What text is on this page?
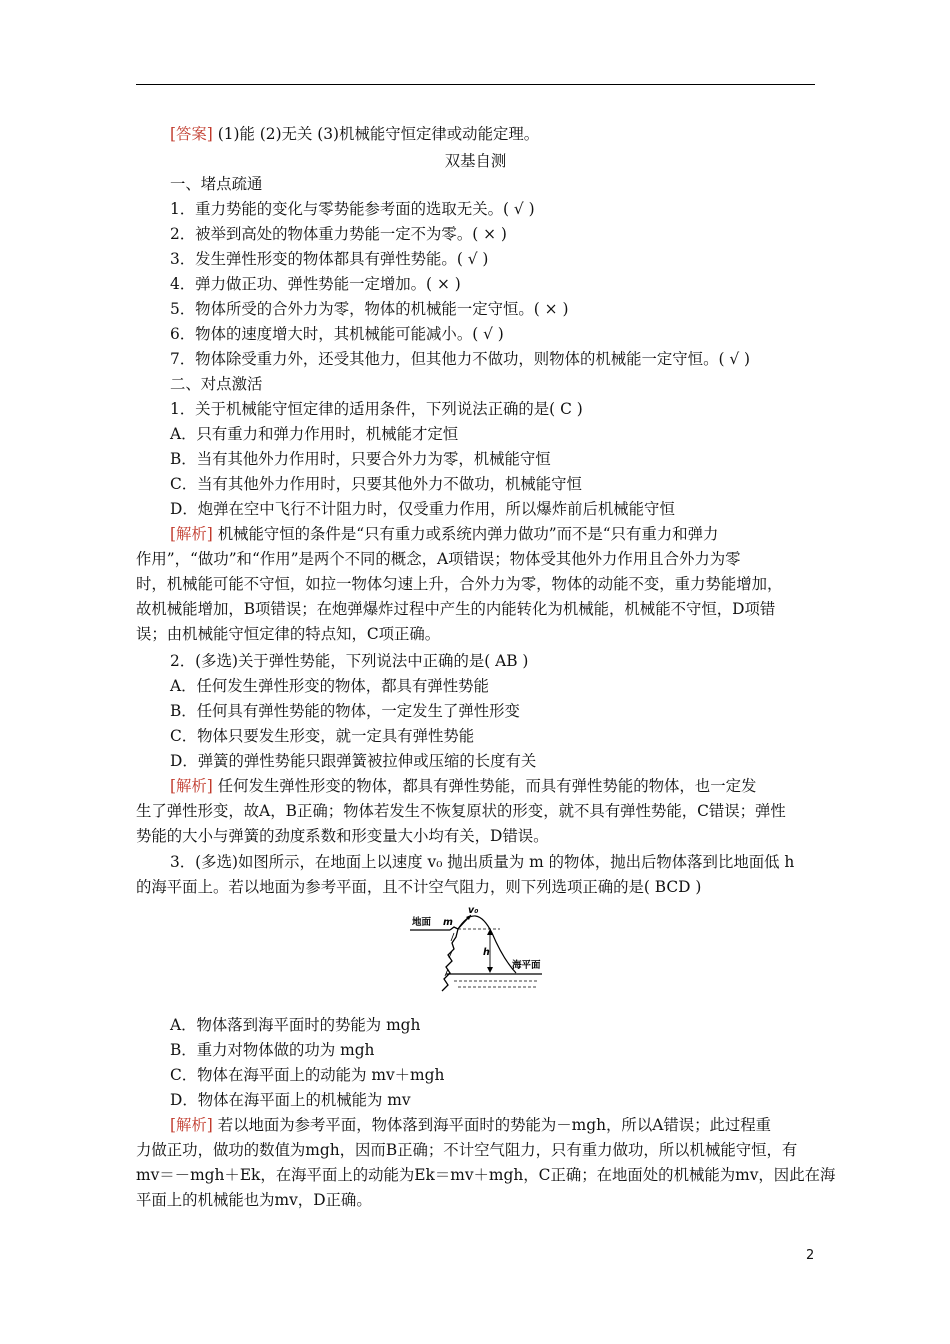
[答案] (1)能 (2)无关 (3)机械能守恒定律或动能定理。
双基自测
一、堵点疏通
1．重力势能的变化与零势能参考面的选取无关。( √ )
2．被举到高处的物体重力势能一定不为零。( × )
3．发生弹性形变的物体都具有弹性势能。( √ )
4．弹力做正功、弹性势能一定增加。( × )
5．物体所受的合外力为零，物体的机械能一定守恒。( × )
6．物体的速度增大时，其机械能可能减小。( √ )
7．物体除受重力外，还受其他力，但其他力不做功，则物体的机械能一定守恒。( √ )
二、对点激活
1．关于机械能守恒定律的适用条件，下列说法正确的是( C )
A．只有重力和弹力作用时，机械能才定恒
B．当有其他外力作用时，只要合外力为零，机械能守恒
C．当有其他外力作用时，只要其他外力不做功，机械能守恒
D．炮弹在空中飞行不计阻力时，仅受重力作用，所以爆炸前后机械能守恒
[解析] 机械能守恒的条件是“只有重力或系统内弹力做功”而不是“只有重力和弹力
作用”，“做功”和“作用”是两个不同的概念，A项错误；物体受其他外力作用且合外力为零
时，机械能可能不守恒，如拉一物体匀速上升，合外力为零，物体的动能不变，重力势能增加，
故机械能增加，B项错误；在炮弹爆炸过程中产生的内能转化为机械能，机械能不守恒，D项错
误；由机械能守恒定律的特点知，C项正确。
2．(多选)关于弹性势能，下列说法中正确的是( AB )
A．任何发生弹性形变的物体，都具有弹性势能
B．任何具有弹性势能的物体，一定发生了弹性形变
C．物体只要发生形变，就一定具有弹性势能
D．弹簧的弹性势能只跟弹簧被拉伸或压缩的长度有关
[解析] 任何发生弹性形变的物体，都具有弹性势能，而具有弹性势能的物体，也一定发
生了弹性形变，故A，B正确；物体若发生不恢复原状的形变，就不具有弹性势能，C错误；弹性
势能的大小与弹簧的劲度系数和形变量大小均有关，D错误。
3．(多选)如图所示，在地面上以速度 v₀ 抛出质量为 m 的物体，抛出后物体落到比地面低 h
的海平面上。若以地面为参考平面，且不计空气阻力，则下列选项正确的是( BCD )
地面 m
v₀
h
海平面
A．物体落到海平面时的势能为 mgh
B．重力对物体做的功为 mgh
C．物体在海平面上的动能为 mv＋mgh
D．物体在海平面上的机械能为 mv
[解析] 若以地面为参考平面，物体落到海平面时的势能为－mgh，所以A错误；此过程重
力做正功，做功的数值为mgh，因而B正确；不计空气阻力，只有重力做功，所以机械能守恒，有
mv＝－mgh＋Ek，在海平面上的动能为Ek＝mv＋mgh，C正确；在地面处的机械能为mv，因此在海
平面上的机械能也为mv，D正确。
2
